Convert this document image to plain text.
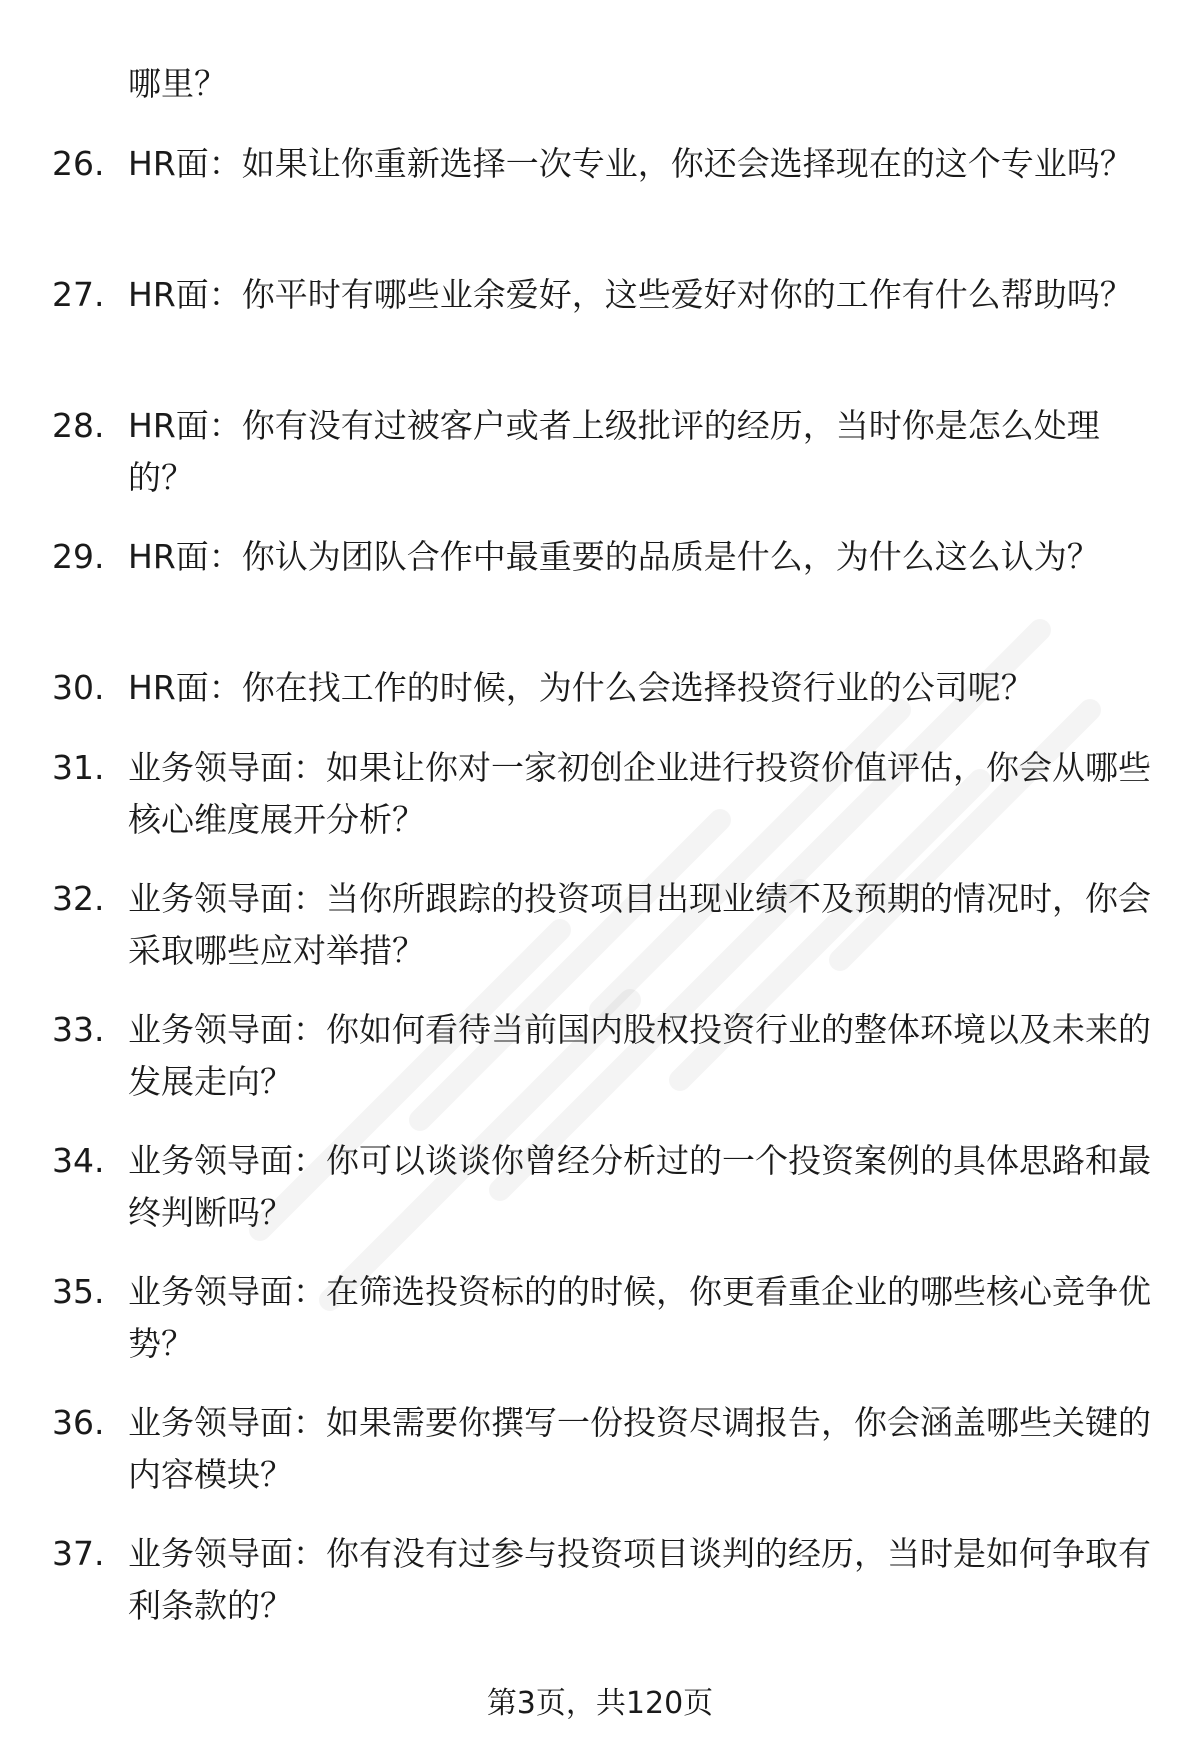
哪里？
26. HR面：如果让你重新选择一次专业，你还会选择现在的这个专业吗？
27. HR面：你平时有哪些业余爱好，这些爱好对你的工作有什么帮助吗？
28. HR面：你有没有过被客户或者上级批评的经历，当时你是怎么处理的？
29. HR面：你认为团队合作中最重要的品质是什么，为什么这么认为？
30. HR面：你在找工作的时候，为什么会选择投资行业的公司呢？
31. 业务领导面：如果让你对一家初创企业进行投资价值评估，你会从哪些核心维度展开分析？
32. 业务领导面：当你所跟踪的投资项目出现业绩不及预期的情况时，你会采取哪些应对举措？
33. 业务领导面：你如何看待当前国内股权投资行业的整体环境以及未来的发展走向？
34. 业务领导面：你可以谈谈你曾经分析过的一个投资案例的具体思路和最终判断吗？
35. 业务领导面：在筛选投资标的的时候，你更看重企业的哪些核心竞争优势？
36. 业务领导面：如果需要你撰写一份投资尽调报告，你会涵盖哪些关键的内容模块？
37. 业务领导面：你有没有过参与投资项目谈判的经历，当时是如何争取有利条款的？
第3页，共120页
